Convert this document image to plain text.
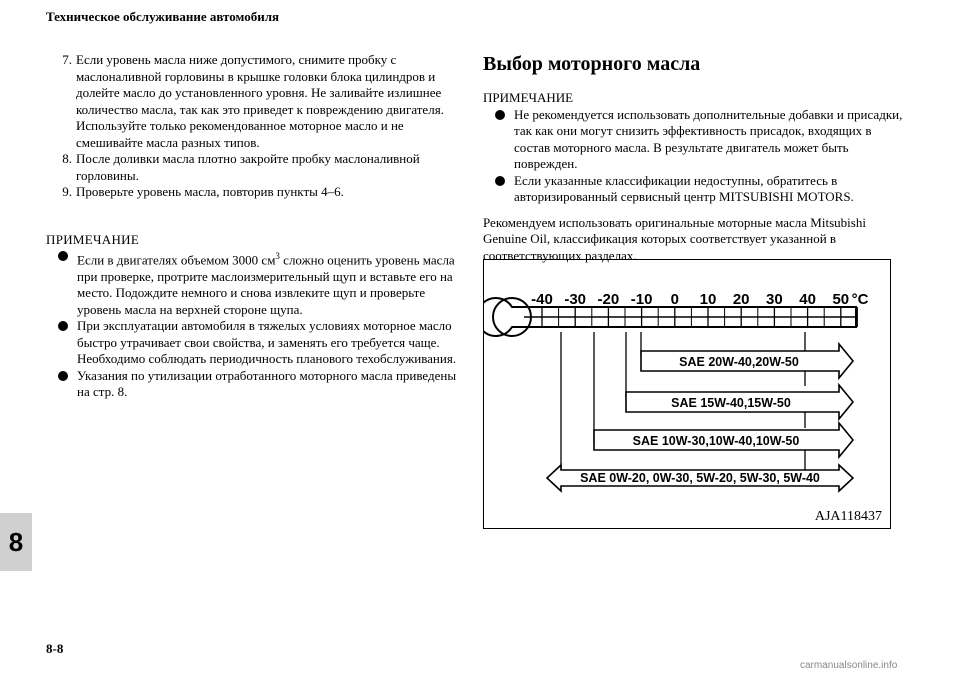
Техническое обслуживание автомобиля
7. Если уровень масла ниже допустимого, снимите пробку с маслоналивной горловины в крышке головки блока цилиндров и долейте масло до установленного уровня. Не заливайте излишнее количество масла, так как это приведет к повреждению двигателя. Используйте только рекомендованное моторное масло и не смешивайте масла разных типов.
8. После доливки масла плотно закройте пробку маслоналивной горловины.
9. Проверьте уровень масла, повторив пункты 4–6.
ПРИМЕЧАНИЕ
Если в двигателях объемом 3000 $см^3$ сложно оценить уровень масла при проверке, протрите маслоизмерительный щуп и вставьте его на место. Подождите немного и снова извлеките щуп и проверьте уровень масла на верхней стороне щупа.
При эксплуатации автомобиля в тяжелых условиях моторное масло быстро утрачивает свои свойства, и заменять его требуется чаще.
Необходимо соблюдать периодичность планового техобслуживания.
Указания по утилизации отработанного моторного масла приведены на стр. 8.
Выбор моторного масла
ПРИМЕЧАНИЕ
Не рекомендуется использовать дополнительные добавки и присадки, так как они могут снизить эффективность присадок, входящих в состав моторного масла. В результате двигатель может быть поврежден.
Если указанные классификации недоступны, обратитесь в авторизированный сервисный центр MITSUBISHI MOTORS.
Рекомендуем использовать оригинальные моторные масла Mitsubishi Genuine Oil, классификация которых соответствует указанной в соответствующих разделах.
-40 -30 -20 -10 0 10 20 30 40 50 °C
SAE 20W-40,20W-50
SAE 15W-40,15W-50
SAE 10W-30,10W-40,10W-50
SAE 0W-20, 0W-30, 5W-20, 5W-30, 5W-40
AJA118437
8
8-8
carmanualsonline.info
